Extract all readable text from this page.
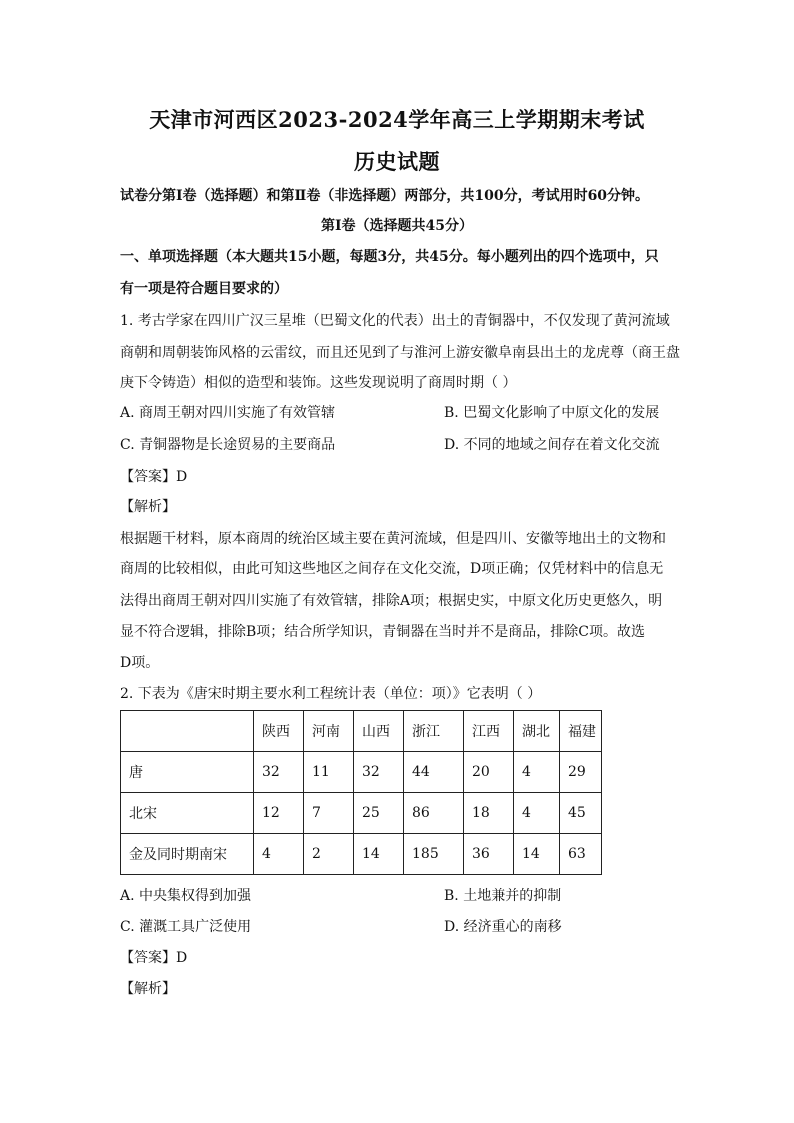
天津市河西区2023-2024学年高三上学期期末考试
历史试题
试卷分第Ⅰ卷（选择题）和第Ⅱ卷（非选择题）两部分，共100分，考试用时60分钟。
第Ⅰ卷（选择题共45分）
一、单项选择题（本大题共15小题，每题3分，共45分。每小题列出的四个选项中，只
有一项是符合题目要求的）
1. 考古学家在四川广汉三星堆（巴蜀文化的代表）出土的青铜器中，不仅发现了黄河流域
商朝和周朝装饰风格的云雷纹，而且还见到了与淮河上游安徽阜南县出土的龙虎尊（商王盘
庚下令铸造）相似的造型和装饰。这些发现说明了商周时期（ ）
A. 商周王朝对四川实施了有效管辖	B. 巴蜀文化影响了中原文化的发展
C. 青铜器物是长途贸易的主要商品	D. 不同的地域之间存在着文化交流
【答案】D
【解析】
根据题干材料，原本商周的统治区域主要在黄河流域，但是四川、安徽等地出土的文物和
商周的比较相似，由此可知这些地区之间存在文化交流，D项正确；仅凭材料中的信息无
法得出商周王朝对四川实施了有效管辖，排除A项；根据史实，中原文化历史更悠久，明
显不符合逻辑，排除B项；结合所学知识，青铜器在当时并不是商品，排除C项。故选
D项。
2. 下表为《唐宋时期主要水利工程统计表（单位：项）》它表明（ ）
	陕西	河南	山西	浙江	江西	湖北	福建
唐	32	11	32	44	20	4	29
北宋	12	7	25	86	18	4	45
金及同时期南宋	4	2	14	185	36	14	63
A. 中央集权得到加强	B. 土地兼并的抑制
C. 灌溉工具广泛使用	D. 经济重心的南移
【答案】D
【解析】
